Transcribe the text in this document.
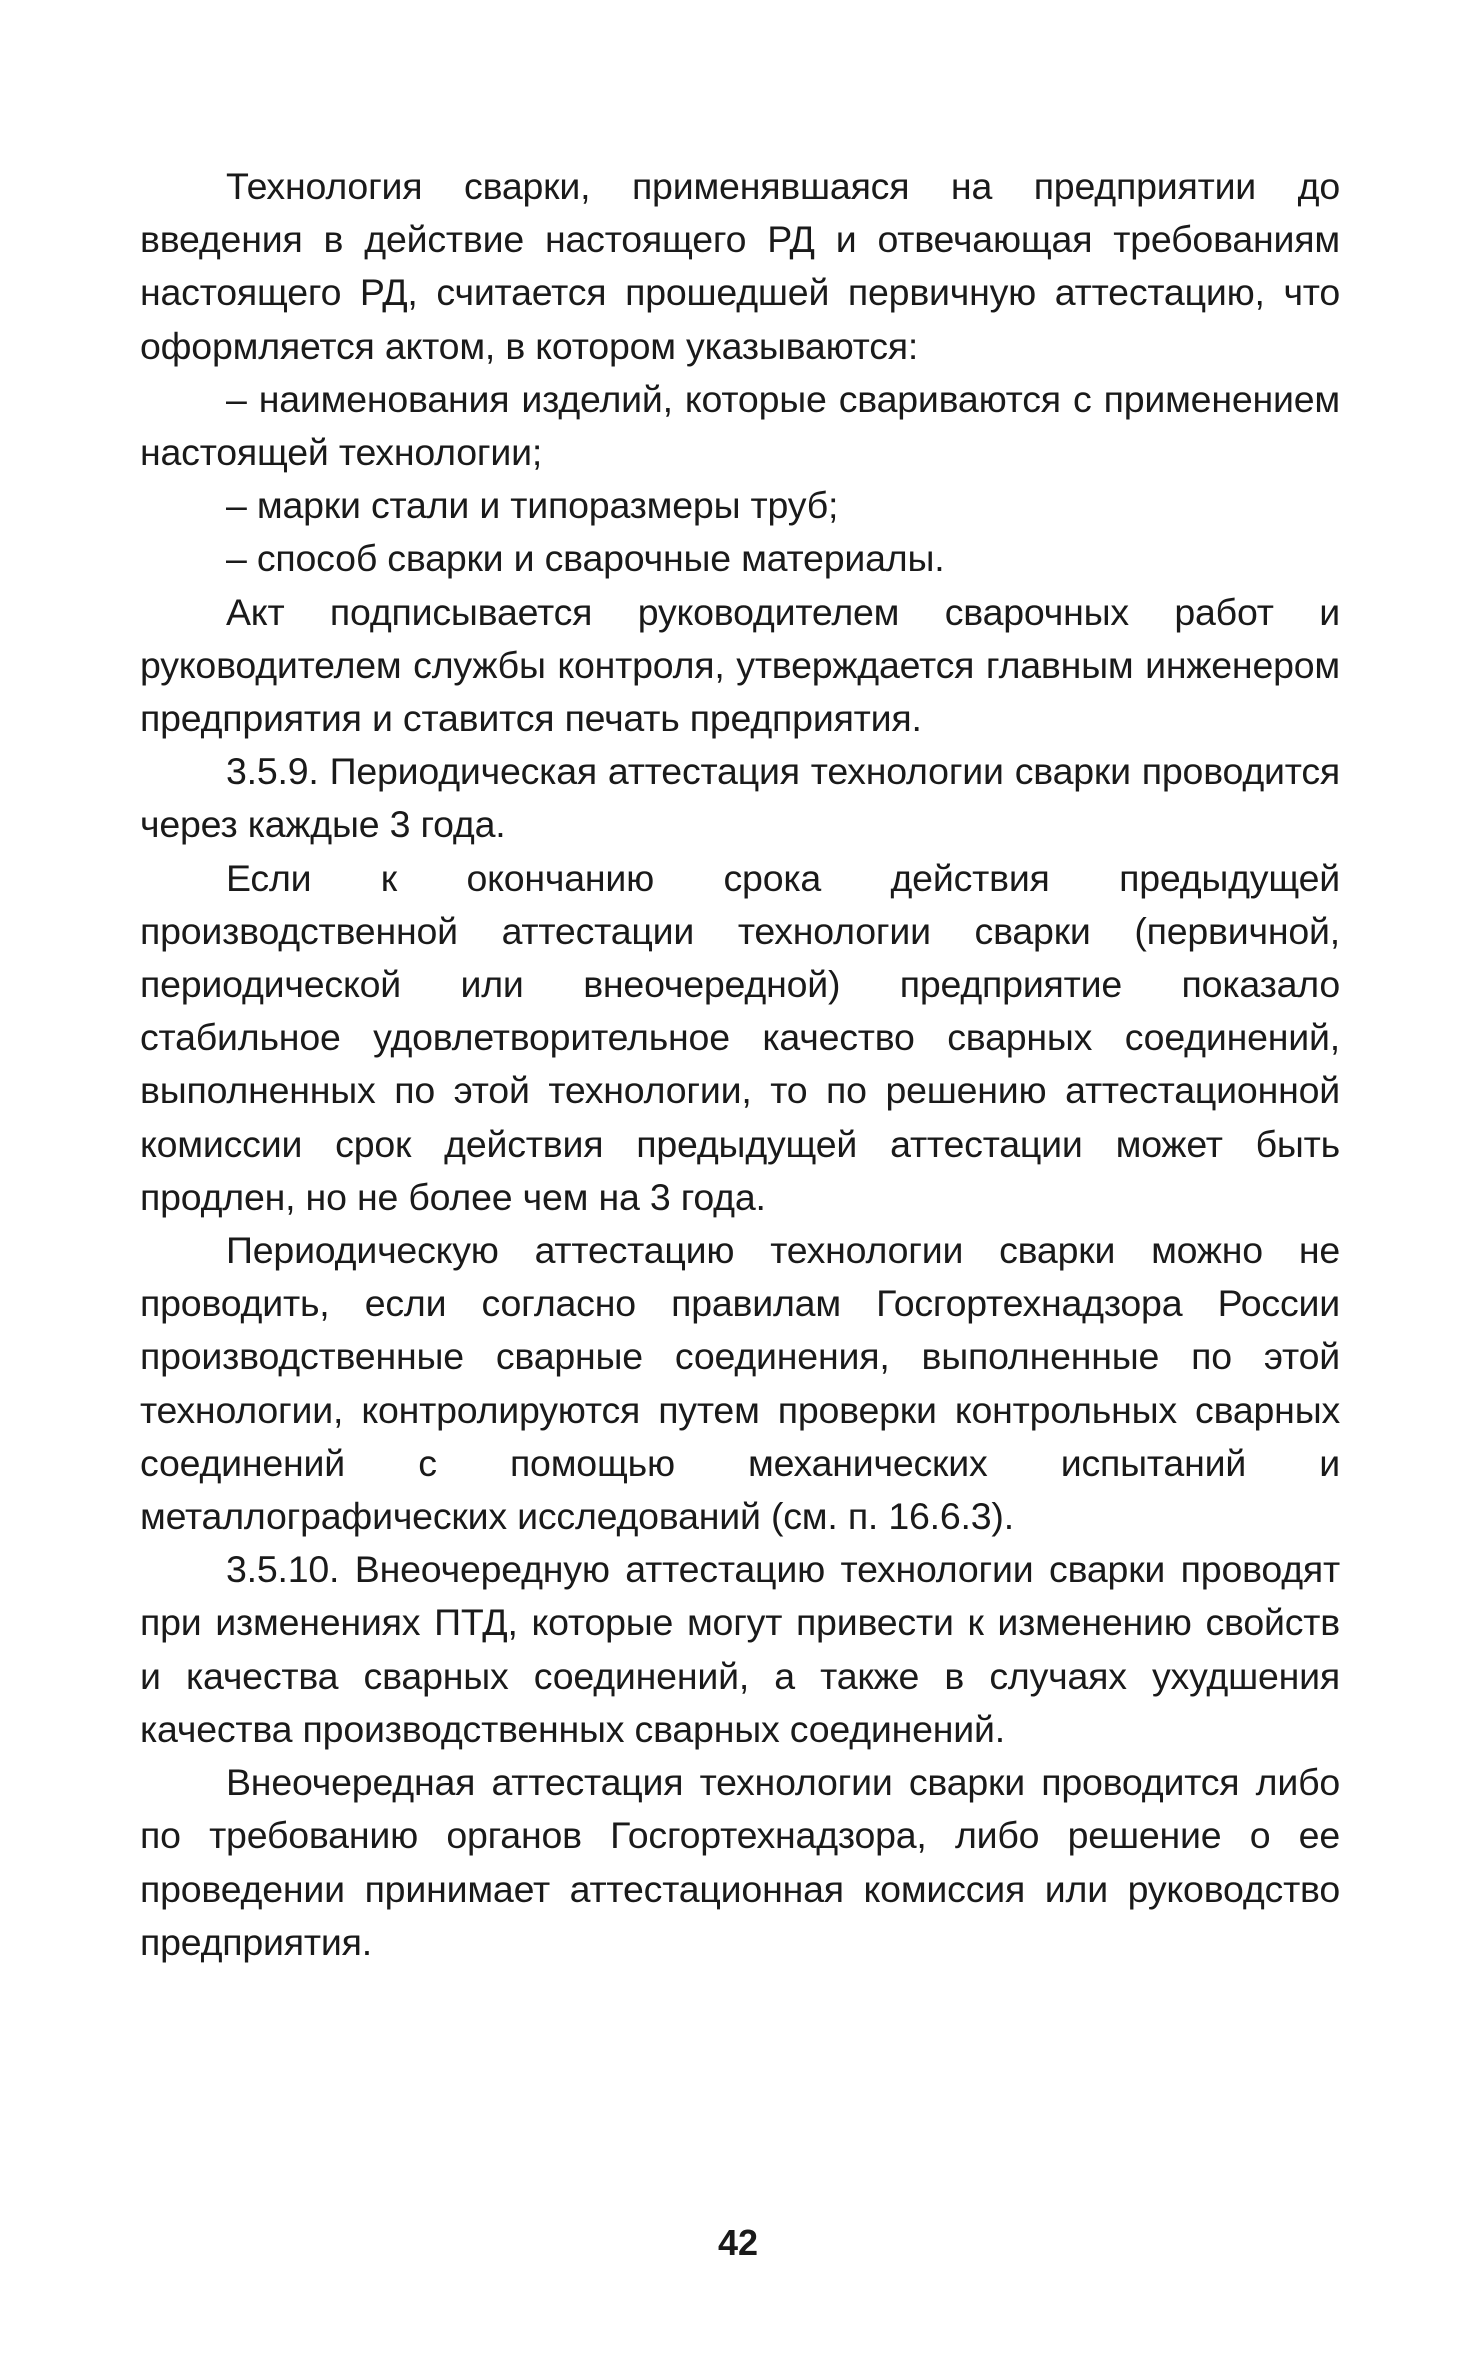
Технология сварки, применявшаяся на предприятии до введения в действие настоящего РД и отвечающая требованиям настоящего РД, считается прошедшей первичную аттестацию, что оформляется актом, в котором указываются:

– наименования изделий, которые свариваются с применением настоящей технологии;

– марки стали и типоразмеры труб;

– способ сварки и сварочные материалы.

Акт подписывается руководителем сварочных работ и руководителем службы контроля, утверждается главным инженером предприятия и ставится печать предприятия.

3.5.9. Периодическая аттестация технологии сварки проводится через каждые 3 года.

Если к окончанию срока действия предыдущей производственной аттестации технологии сварки (первичной, периодической или внеочередной) предприятие показало стабильное удовлетворительное качество сварных соединений, выполненных по этой технологии, то по решению аттестационной комиссии срок действия предыдущей аттестации может быть продлен, но не более чем на 3 года.

Периодическую аттестацию технологии сварки можно не проводить, если согласно правилам Госгортехнадзора России производственные сварные соединения, выполненные по этой технологии, контролируются путем проверки контрольных сварных соединений с помощью механических испытаний и металлографических исследований (см. п. 16.6.3).

3.5.10. Внеочередную аттестацию технологии сварки проводят при изменениях ПТД, которые могут привести к изменению свойств и качества сварных соединений, а также в случаях ухудшения качества производственных сварных соединений.

Внеочередная аттестация технологии сварки проводится либо по требованию органов Госгортехнадзора, либо решение о ее проведении принимает аттестационная комиссия или руководство предприятия.

42
